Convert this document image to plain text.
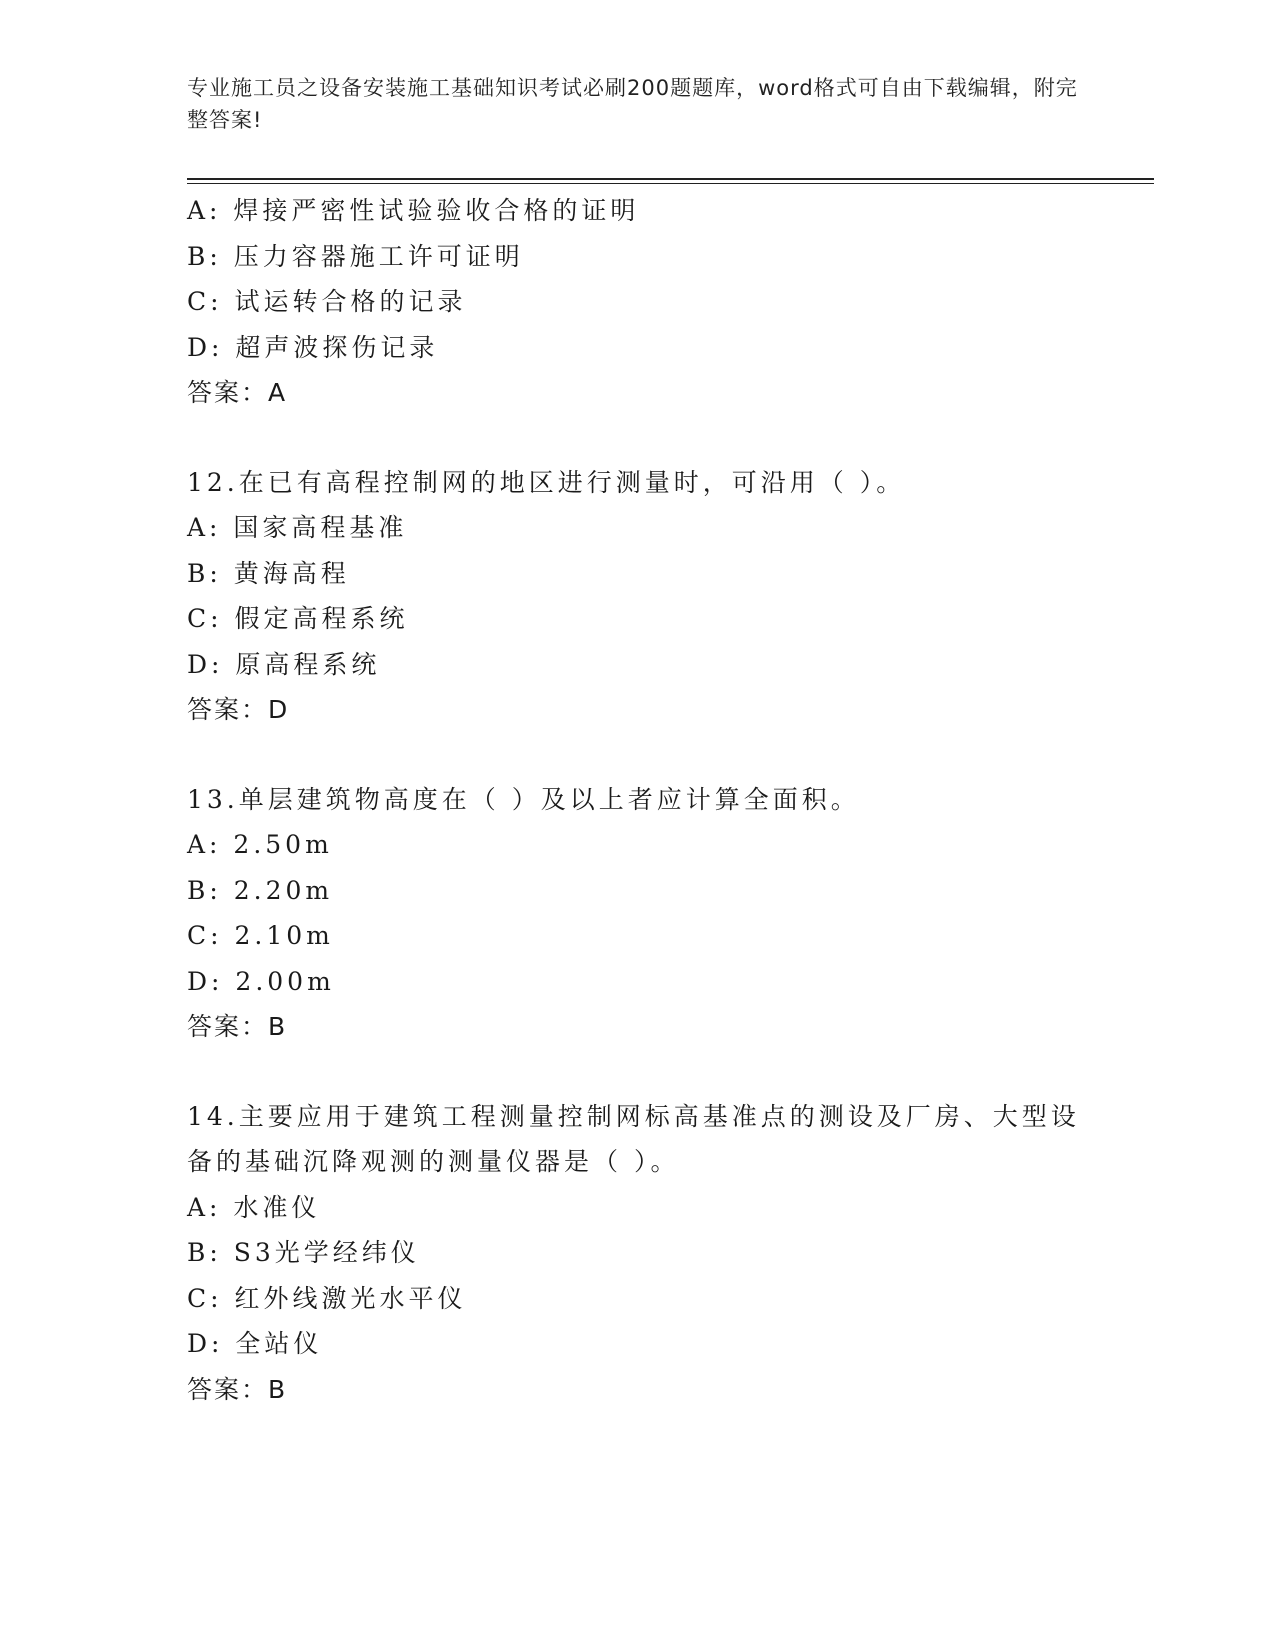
专业施工员之设备安装施工基础知识考试必刷200题题库，word格式可自由下载编辑，附完整答案!
A: 焊接严密性试验验收合格的证明
B: 压力容器施工许可证明
C: 试运转合格的记录
D: 超声波探伤记录
答案：A
12.在已有高程控制网的地区进行测量时，可沿用（ ）。
A: 国家高程基准
B: 黄海高程
C: 假定高程系统
D: 原高程系统
答案：D
13.单层建筑物高度在（ ）及以上者应计算全面积。
A: 2.50m
B: 2.20m
C: 2.10m
D: 2.00m
答案：B
14.主要应用于建筑工程测量控制网标高基准点的测设及厂房、大型设备的基础沉降观测的测量仪器是（ ）。
A: 水准仪
B: S3光学经纬仪
C: 红外线激光水平仪
D: 全站仪
答案：B
